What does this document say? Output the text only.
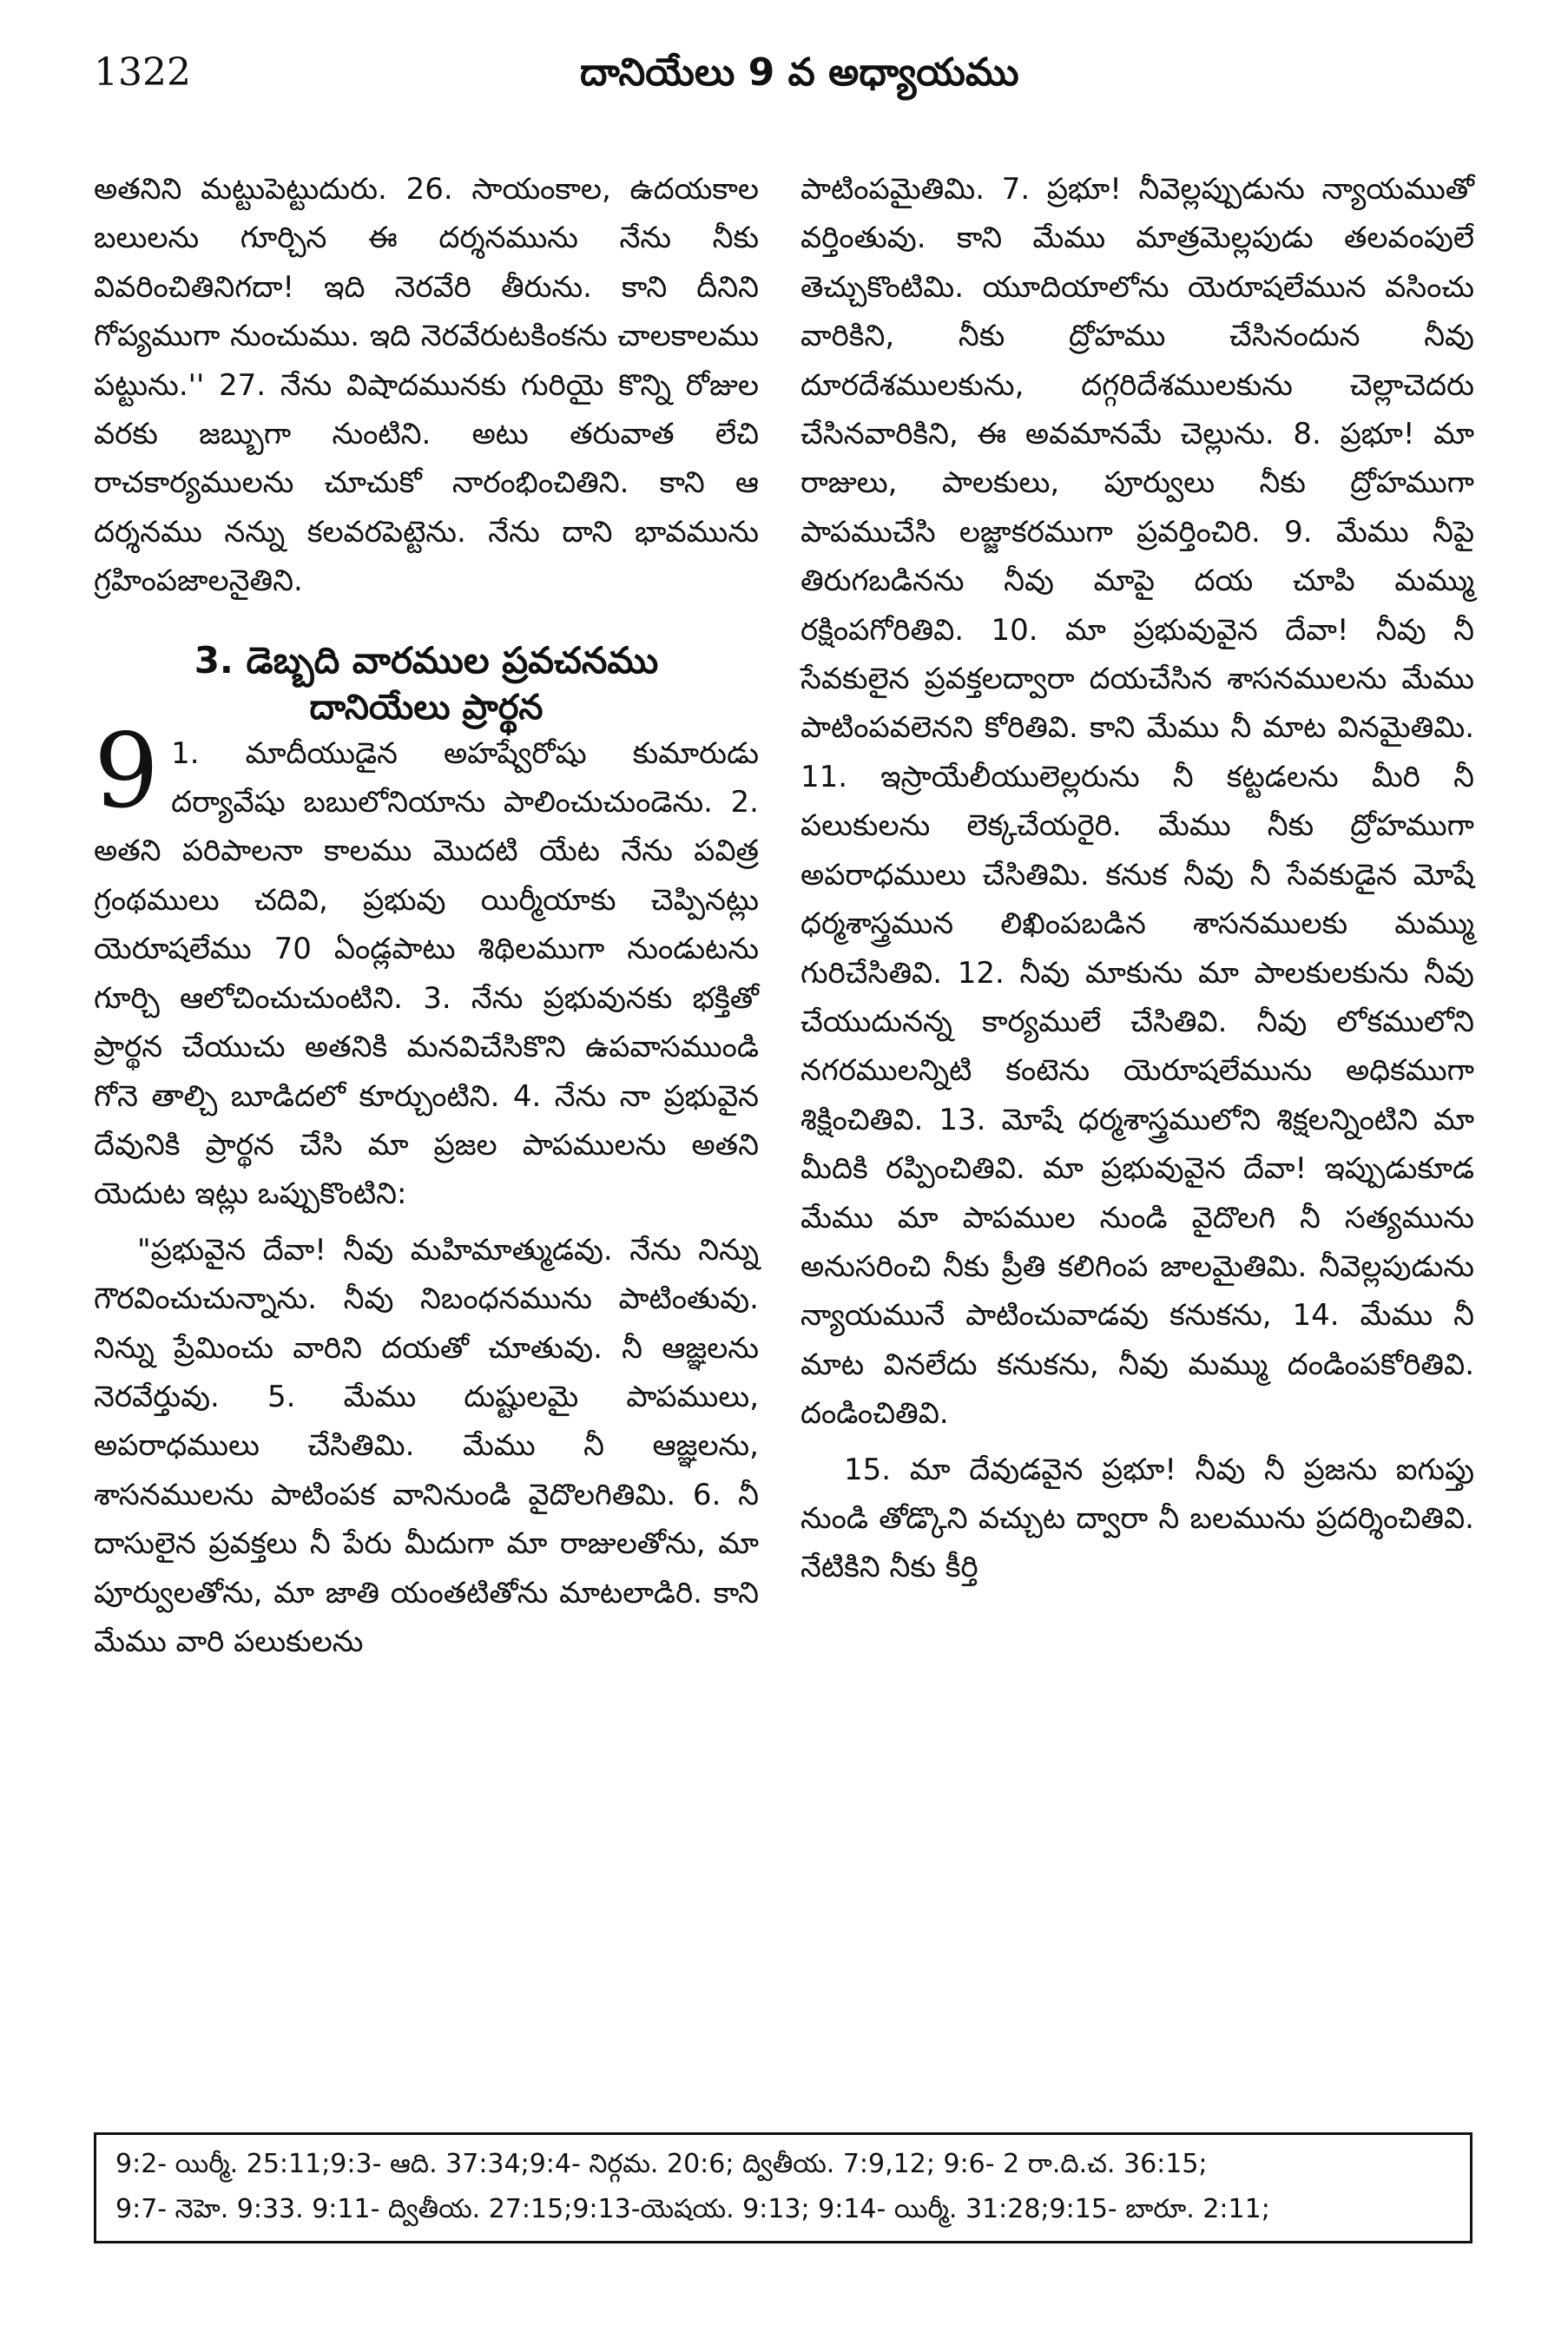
1322	దానియేలు 9 వ అధ్యాయము

అతనిని మట్టుపెట్టుదురు. 26. సాయంకాల, ఉదయకాల బలులను గూర్చిన ఈ దర్శనమును నేను నీకు వివరించితినిగదా! ఇది నెరవేరి తీరును. కాని దీనిని గోప్యముగా నుంచుము. ఇది నెరవేరుటకింకను చాలకాలము పట్టును.'' 27. నేను విషాదమునకు గురియై కొన్ని రోజుల వరకు జబ్బుగా నుంటిని. అటు తరువాత లేచి రాచకార్యములను చూచుకో నారంభించితిని. కాని ఆ దర్శనము నన్ను కలవరపెట్టెను. నేను దాని భావమును గ్రహింపజాలనైతిని.

3. డెబ్బది వారముల ప్రవచనము

దానియేలు ప్రార్థన

9 1. మాదీయుడైన అహష్వేరోషు కుమారుడు దర్యావేషు బబులోనియాను పాలించుచుండెను. 2. అతని పరిపాలనా కాలము మొదటి యేట నేను పవిత్ర గ్రంథములు చదివి, ప్రభువు యిర్మీయాకు చెప్పినట్లు యెరూషలేము 70 ఏండ్లపాటు శిథిలముగా నుండుటను గూర్చి ఆలోచించుచుంటిని. 3. నేను ప్రభువునకు భక్తితో ప్రార్థన చేయుచు అతనికి మనవిచేసికొని ఉపవాసముండి గోనె తాల్చి బూడిదలో కూర్చుంటిని. 4. నేను నా ప్రభువైన దేవునికి ప్రార్థన చేసి మా ప్రజల పాపములను అతని యెదుట ఇట్లు ఒప్పుకొంటిని:

"ప్రభువైన దేవా! నీవు మహిమాత్ముడవు. నేను నిన్ను గౌరవించుచున్నాను. నీవు నిబంధనమును పాటింతువు. నిన్ను ప్రేమించు వారిని దయతో చూతువు. నీ ఆజ్ఞలను నెరవేర్తువు. 5. మేము దుష్టులమై పాపములు, అపరాధములు చేసితిమి. మేము నీ ఆజ్ఞలను, శాసనములను పాటింపక వానినుండి వైదొలగితిమి. 6. నీ దాసులైన ప్రవక్తలు నీ పేరు మీదుగా మా రాజులతోను, మా పూర్వులతోను, మా జాతి యంతటితోను మాటలాడిరి. కాని మేము వారి పలుకులను

పాటింపమైతిమి. 7. ప్రభూ! నీవెల్లప్పుడును న్యాయముతో వర్తింతువు. కాని మేము మాత్రమెల్లపుడు తలవంపులే తెచ్చుకొంటిమి. యూదియాలోను యెరూషలేమున వసించు వారికిని, నీకు ద్రోహము చేసినందున నీవు దూరదేశములకును, దగ్గరిదేశములకును చెల్లాచెదరు చేసినవారికిని, ఈ అవమానమే చెల్లును. 8. ప్రభూ! మా రాజులు, పాలకులు, పూర్వులు నీకు ద్రోహముగా పాపముచేసి లజ్జాకరముగా ప్రవర్తించిరి. 9. మేము నీపై తిరుగబడినను నీవు మాపై దయ చూపి మమ్ము రక్షింపగోరితివి. 10. మా ప్రభువువైన దేవా! నీవు నీ సేవకులైన ప్రవక్తలద్వారా దయచేసిన శాసనములను మేము పాటింపవలెనని కోరితివి. కాని మేము నీ మాట వినమైతిమి. 11. ఇస్రాయేలీయులెల్లరును నీ కట్టడలను మీరి నీ పలుకులను లెక్కచేయరైరి. మేము నీకు ద్రోహముగా అపరాధములు చేసితిమి. కనుక నీవు నీ సేవకుడైన మోషే ధర్మశాస్త్రమున లిఖింపబడిన శాసనములకు మమ్ము గురిచేసితివి. 12. నీవు మాకును మా పాలకులకును నీవు చేయుదునన్న కార్యములే చేసితివి. నీవు లోకములోని నగరములన్నిటి కంటెను యెరూషలేమును అధికముగా శిక్షించితివి. 13. మోషే ధర్మశాస్త్రములోని శిక్షలన్నింటిని మా మీదికి రప్పించితివి. మా ప్రభువువైన దేవా! ఇప్పుడుకూడ మేము మా పాపముల నుండి వైదొలగి నీ సత్యమును అనుసరించి నీకు ప్రీతి కలిగింప జాలమైతిమి. నీవెల్లపుడును న్యాయమునే పాటించువాడవు కనుకను, 14. మేము నీ మాట వినలేదు కనుకను, నీవు మమ్ము దండింపకోరితివి. దండించితివి.

15. మా దేవుడవైన ప్రభూ! నీవు నీ ప్రజను ఐగుప్తు నుండి తోడ్కొని వచ్చుట ద్వారా నీ బలమును ప్రదర్శించితివి. నేటికిని నీకు కీర్తి

9:2- యిర్మీ. 25:11;9:3- ఆది. 37:34;9:4- నిర్గమ. 20:6; ద్వితీయ. 7:9,12; 9:6- 2 రా.ది.చ. 36:15;
9:7- నెహె. 9:33. 9:11- ద్వితీయ. 27:15;9:13-యెషయ. 9:13; 9:14- యిర్మీ. 31:28;9:15- బారూ. 2:11;
